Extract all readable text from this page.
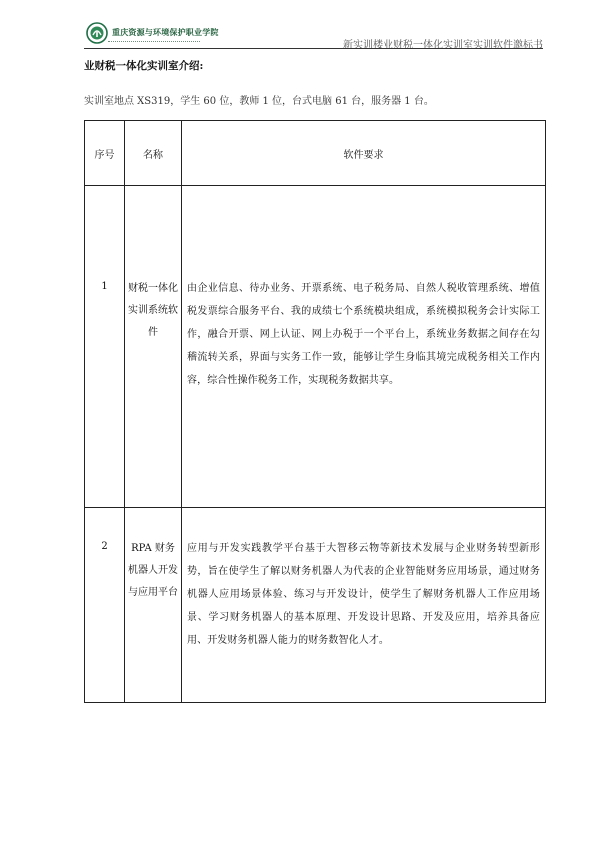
重庆资源与环境保护职业学院
新实训楼业财税一体化实训室实训软件邀标书
业财税一体化实训室介绍:
实训室地点 XS319，学生 60 位，教师 1 位，台式电脑 61 台，服务器 1 台。
序号	名称	软件要求
1	财税一体化实训系统软件	由企业信息、待办业务、开票系统、电子税务局、自然人税收管理系统、增值税发票综合服务平台、我的成绩七个系统模块组成，系统模拟税务会计实际工作，融合开票、网上认证、网上办税于一个平台上，系统业务数据之间存在勾稽流转关系，界面与实务工作一致，能够让学生身临其境完成税务相关工作内容，综合性操作税务工作，实现税务数据共享。
2	RPA 财务机器人开发与应用平台	应用与开发实践教学平台基于大智移云物等新技术发展与企业财务转型新形势，旨在使学生了解以财务机器人为代表的企业智能财务应用场景，通过财务机器人应用场景体验、练习与开发设计，使学生了解财务机器人工作应用场景、学习财务机器人的基本原理、开发设计思路、开发及应用，培养具备应用、开发财务机器人能力的财务数智化人才。
